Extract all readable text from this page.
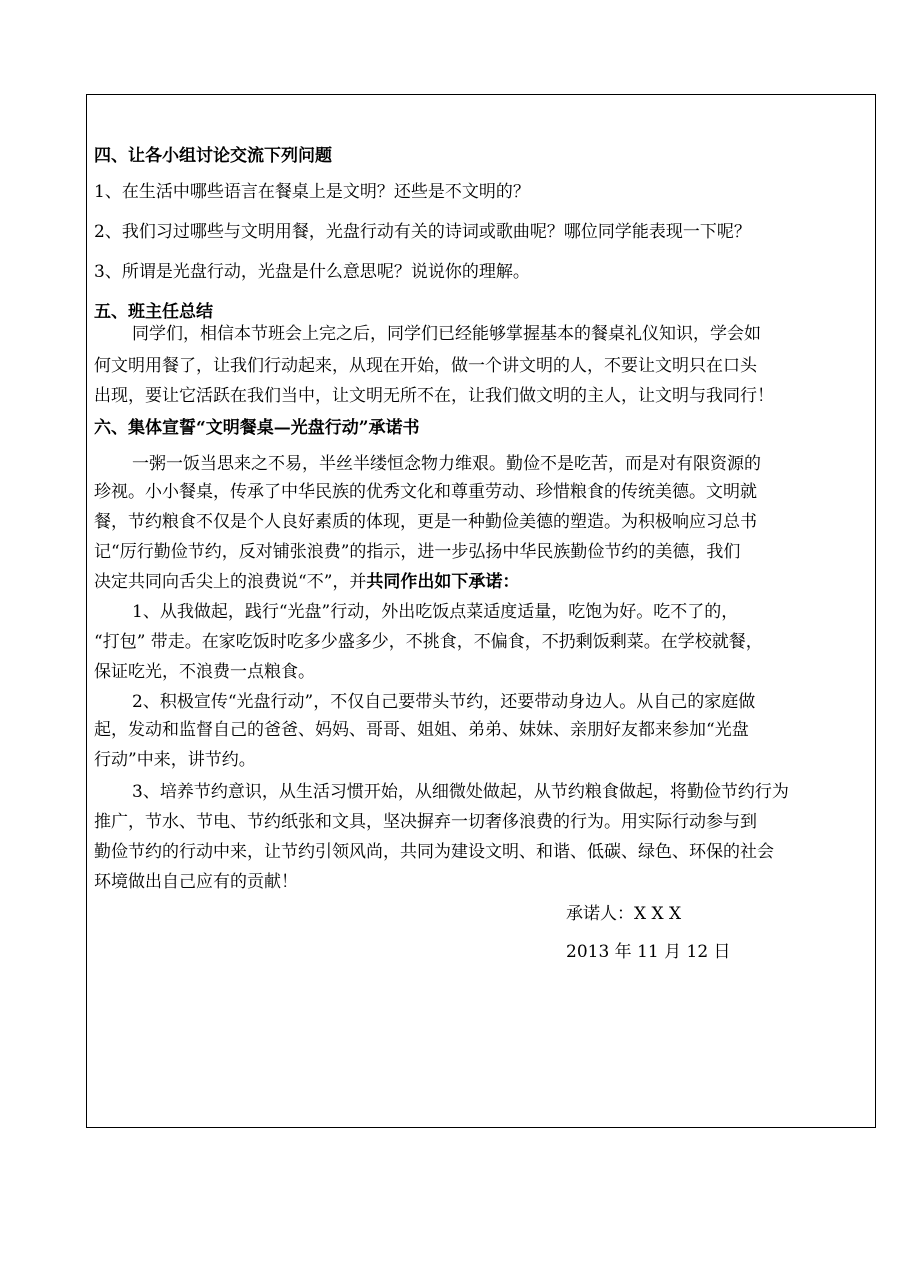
四、让各小组讨论交流下列问题
1、在生活中哪些语言在餐桌上是文明？还些是不文明的？
2、我们习过哪些与文明用餐，光盘行动有关的诗词或歌曲呢？哪位同学能表现一下呢？
3、所谓是光盘行动，光盘是什么意思呢？说说你的理解。
五、班主任总结
同学们，相信本节班会上完之后，同学们已经能够掌握基本的餐桌礼仪知识，学会如
何文明用餐了，让我们行动起来，从现在开始，做一个讲文明的人，不要让文明只在口头
出现，要让它活跃在我们当中，让文明无所不在，让我们做文明的主人，让文明与我同行！
六、集体宣誓“文明餐桌—光盘行动”承诺书
一粥一饭当思来之不易，半丝半缕恒念物力维艰。勤俭不是吃苦，而是对有限资源的
珍视。小小餐桌，传承了中华民族的优秀文化和尊重劳动、珍惜粮食的传统美德。文明就
餐，节约粮食不仅是个人良好素质的体现，更是一种勤俭美德的塑造。为积极响应习总书
记“厉行勤俭节约，反对铺张浪费”的指示，进一步弘扬中华民族勤俭节约的美德，我们
决定共同向舌尖上的浪费说“不”，并共同作出如下承诺：
1、从我做起，践行“光盘”行动，外出吃饭点菜适度适量，吃饱为好。吃不了的，
“打包” 带走。在家吃饭时吃多少盛多少，不挑食，不偏食，不扔剩饭剩菜。在学校就餐，
保证吃光，不浪费一点粮食。
2、积极宣传“光盘行动”，不仅自己要带头节约，还要带动身边人。从自己的家庭做
起，发动和监督自己的爸爸、妈妈、哥哥、姐姐、弟弟、妹妹、亲朋好友都来参加“光盘
行动”中来，讲节约。
3、培养节约意识，从生活习惯开始，从细微处做起，从节约粮食做起，将勤俭节约行为
推广，节水、节电、节约纸张和文具，坚决摒弃一切奢侈浪费的行为。用实际行动参与到
勤俭节约的行动中来，让节约引领风尚，共同为建设文明、和谐、低碳、绿色、环保的社会
环境做出自己应有的贡献！
承诺人：X X X
2013 年 11 月 12 日
